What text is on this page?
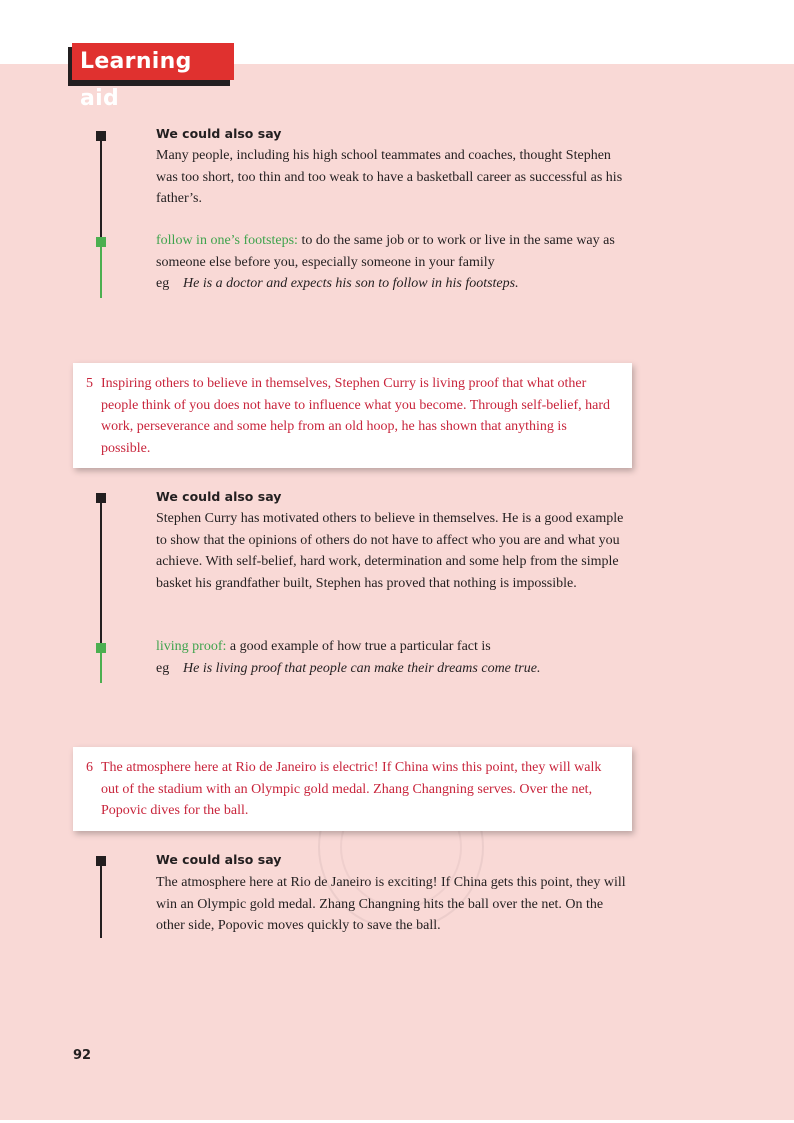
Learning aid
We could also say

Many people, including his high school teammates and coaches, thought Stephen was too short, too thin and too weak to have a basketball career as successful as his father’s.

follow in one’s footsteps: to do the same job or to work or live in the same way as someone else before you, especially someone in your family
eg He is a doctor and expects his son to follow in his footsteps.

5 Inspiring others to believe in themselves, Stephen Curry is living proof that what other people think of you does not have to influence what you become. Through self-belief, hard work, perseverance and some help from an old hoop, he has shown that anything is possible.

We could also say

Stephen Curry has motivated others to believe in themselves. He is a good example to show that the opinions of others do not have to affect who you are and what you achieve. With self-belief, hard work, determination and some help from the simple basket his grandfather built, Stephen has proved that nothing is impossible.

living proof: a good example of how true a particular fact is
eg He is living proof that people can make their dreams come true.

6 The atmosphere here at Rio de Janeiro is electric! If China wins this point, they will walk out of the stadium with an Olympic gold medal. Zhang Changning serves. Over the net, Popovic dives for the ball.

We could also say

The atmosphere here at Rio de Janeiro is exciting! If China gets this point, they will win an Olympic gold medal. Zhang Changning hits the ball over the net. On the other side, Popovic moves quickly to save the ball.

92
